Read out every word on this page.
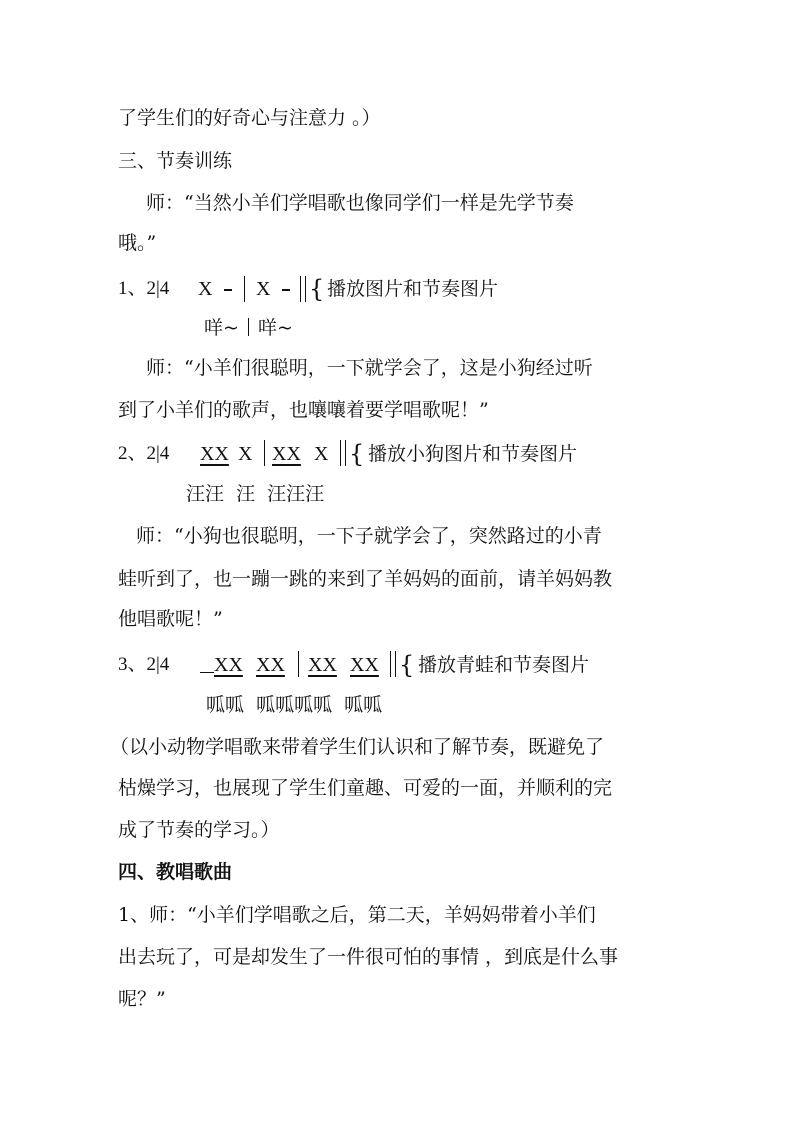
了学生们的好奇心与注意力 。）
三、节奏训练
师：“当然小羊们学唱歌也像同学们一样是先学节奏
哦。”
1、2|4 X X { 播放图片和节奏图片
咩~ 咩~
师：“小羊们很聪明，一下就学会了，这是小狗经过听
到了小羊们的歌声，也嚷嚷着要学唱歌呢！”
2、2|4 XX X XX X { 播放小狗图片和节奏图片
汪汪  汪  汪汪汪
师：“小狗也很聪明，一下子就学会了，突然路过的小青
蛙听到了，也一蹦一跳的来到了羊妈妈的面前，请羊妈妈教
他唱歌呢！”
3、2|4 XX XX XX XX { 播放青蛙和节奏图片
呱呱  呱呱呱呱  呱呱
（以小动物学唱歌来带着学生们认识和了解节奏，既避免了
枯燥学习，也展现了学生们童趣、可爱的一面，并顺利的完
成了节奏的学习。）
四、教唱歌曲
1、师：“小羊们学唱歌之后，第二天，羊妈妈带着小羊们
出去玩了，可是却发生了一件很可怕的事情 ，到底是什么事
呢？”
